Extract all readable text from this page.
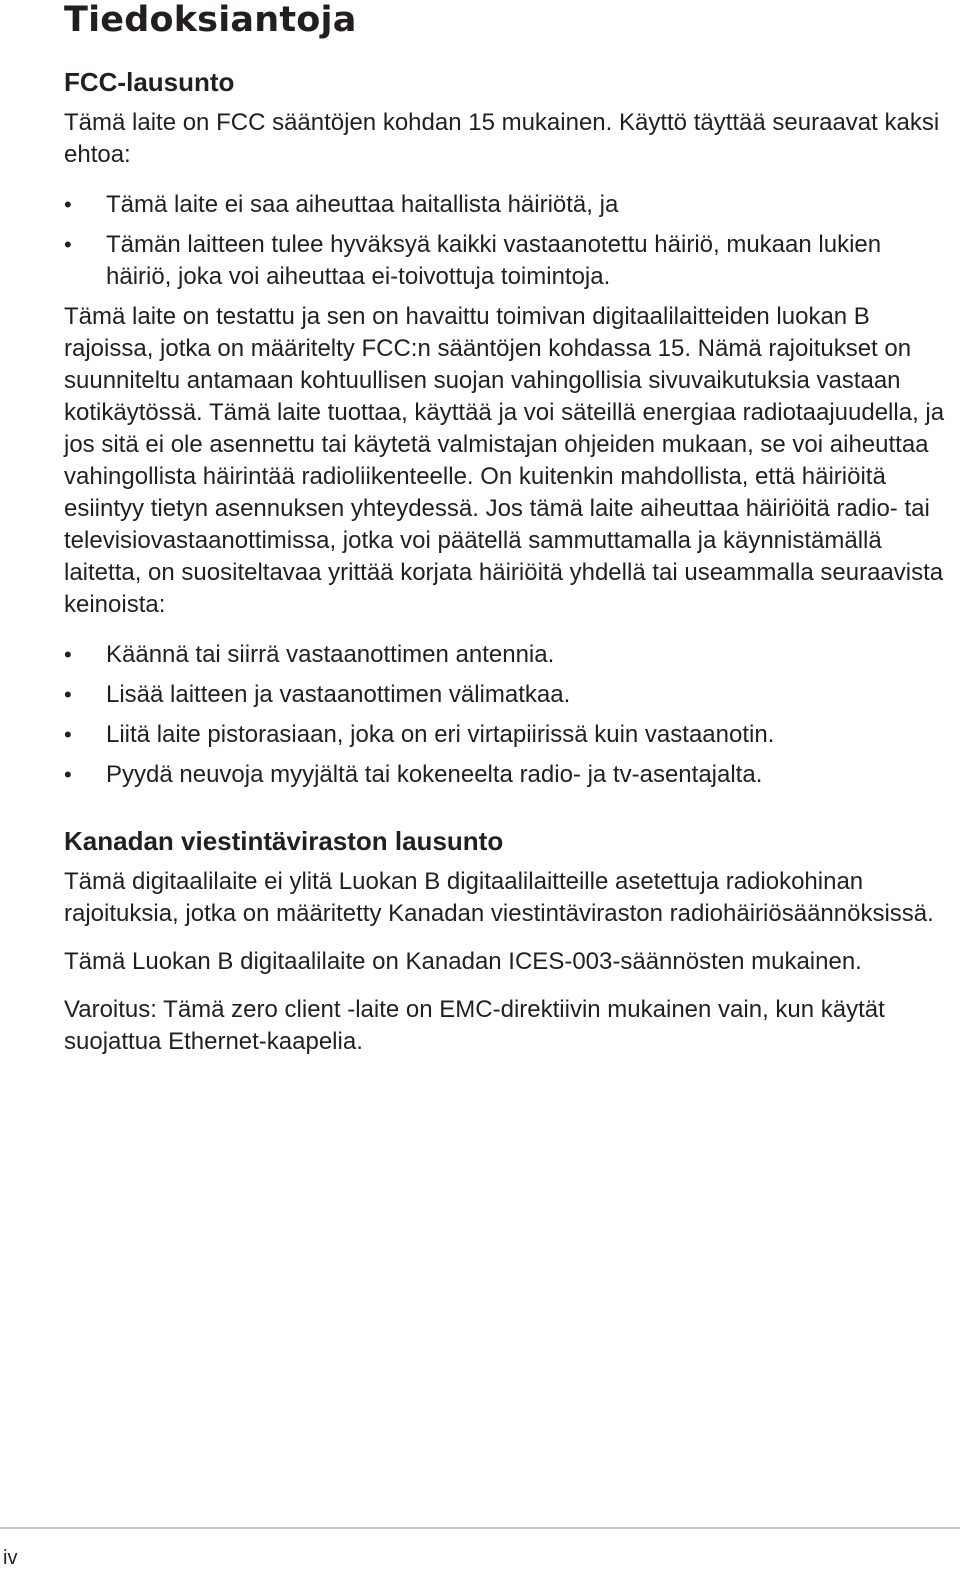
Tiedoksiantoja
FCC-lausunto

Tämä laite on FCC sääntöjen kohdan 15 mukainen. Käyttö täyttää seuraavat kaksi ehtoa:

• Tämä laite ei saa aiheuttaa haitallista häiriötä, ja
• Tämän laitteen tulee hyväksyä kaikki vastaanotettu häiriö, mukaan lukien häiriö, joka voi aiheuttaa ei-toivottuja toimintoja.

Tämä laite on testattu ja sen on havaittu toimivan digitaalilaitteiden luokan B rajoissa, jotka on määritelty FCC:n sääntöjen kohdassa 15. Nämä rajoitukset on suunniteltu antamaan kohtuullisen suojan vahingollisia sivuvaikutuksia vastaan kotikäytössä. Tämä laite tuottaa, käyttää ja voi säteillä energiaa radiotaajuudella, ja jos sitä ei ole asennettu tai käytetä valmistajan ohjeiden mukaan, se voi aiheuttaa vahingollista häirintää radioliikenteelle. On kuitenkin mahdollista, että häiriöitä esiintyy tietyn asennuksen yhteydessä. Jos tämä laite aiheuttaa häiriöitä radio- tai televisiovastaanottimissa, jotka voi päätellä sammuttamalla ja käynnistämällä laitetta, on suositeltavaa yrittää korjata häiriöitä yhdellä tai useammalla seuraavista keinoista:

• Käännä tai siirrä vastaanottimen antennia.
• Lisää laitteen ja vastaanottimen välimatkaa.
• Liitä laite pistorasiaan, joka on eri virtapiirissä kuin vastaanotin.
• Pyydä neuvoja myyjältä tai kokeneelta radio- ja tv-asentajalta.
Kanadan viestintäviraston lausunto

Tämä digitaalilaite ei ylitä Luokan B digitaalilaitteille asetettuja radiokohinan rajoituksia, jotka on määritetty Kanadan viestintäviraston radiohäiriösäännöksissä.

Tämä Luokan B digitaalilaite on Kanadan ICES-003-säännösten mukainen.

Varoitus: Tämä zero client -laite on EMC-direktiivin mukainen vain, kun käytät suojattua Ethernet-kaapelia.

iv
